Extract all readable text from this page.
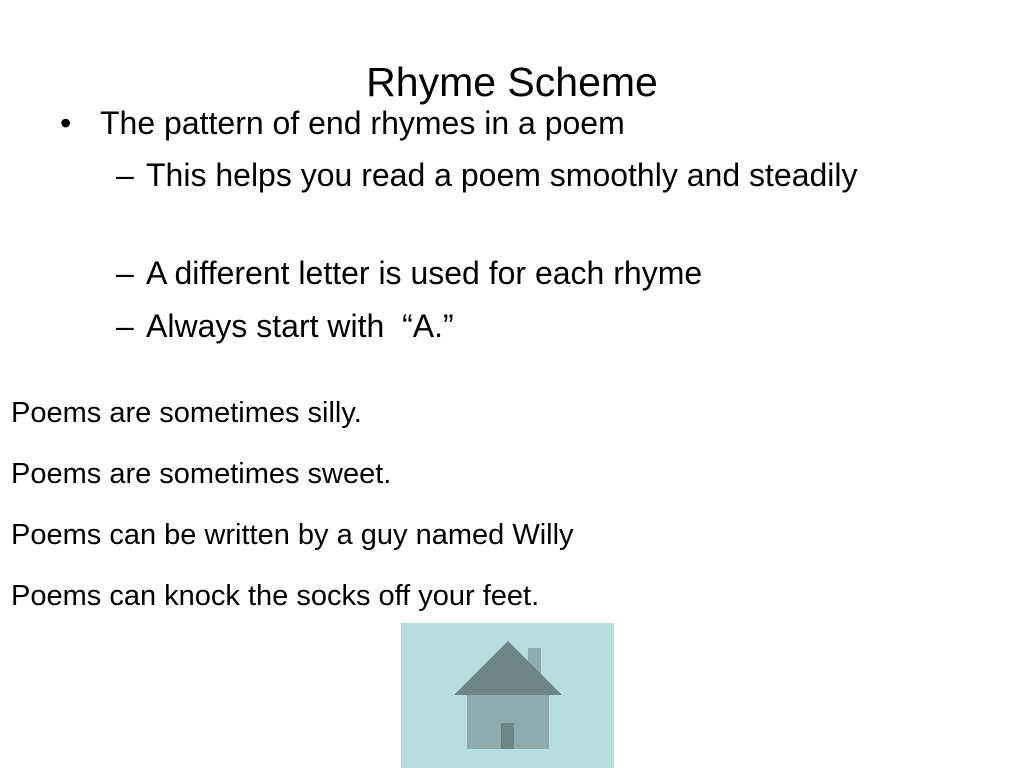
Rhyme Scheme
• The pattern of end rhymes in a poem
– This helps you read a poem smoothly and steadily
– A different letter is used for each rhyme
– Always start with  “A.”
Poems are sometimes silly.
Poems are sometimes sweet.
Poems can be written by a guy named Willy
Poems can knock the socks off your feet.
